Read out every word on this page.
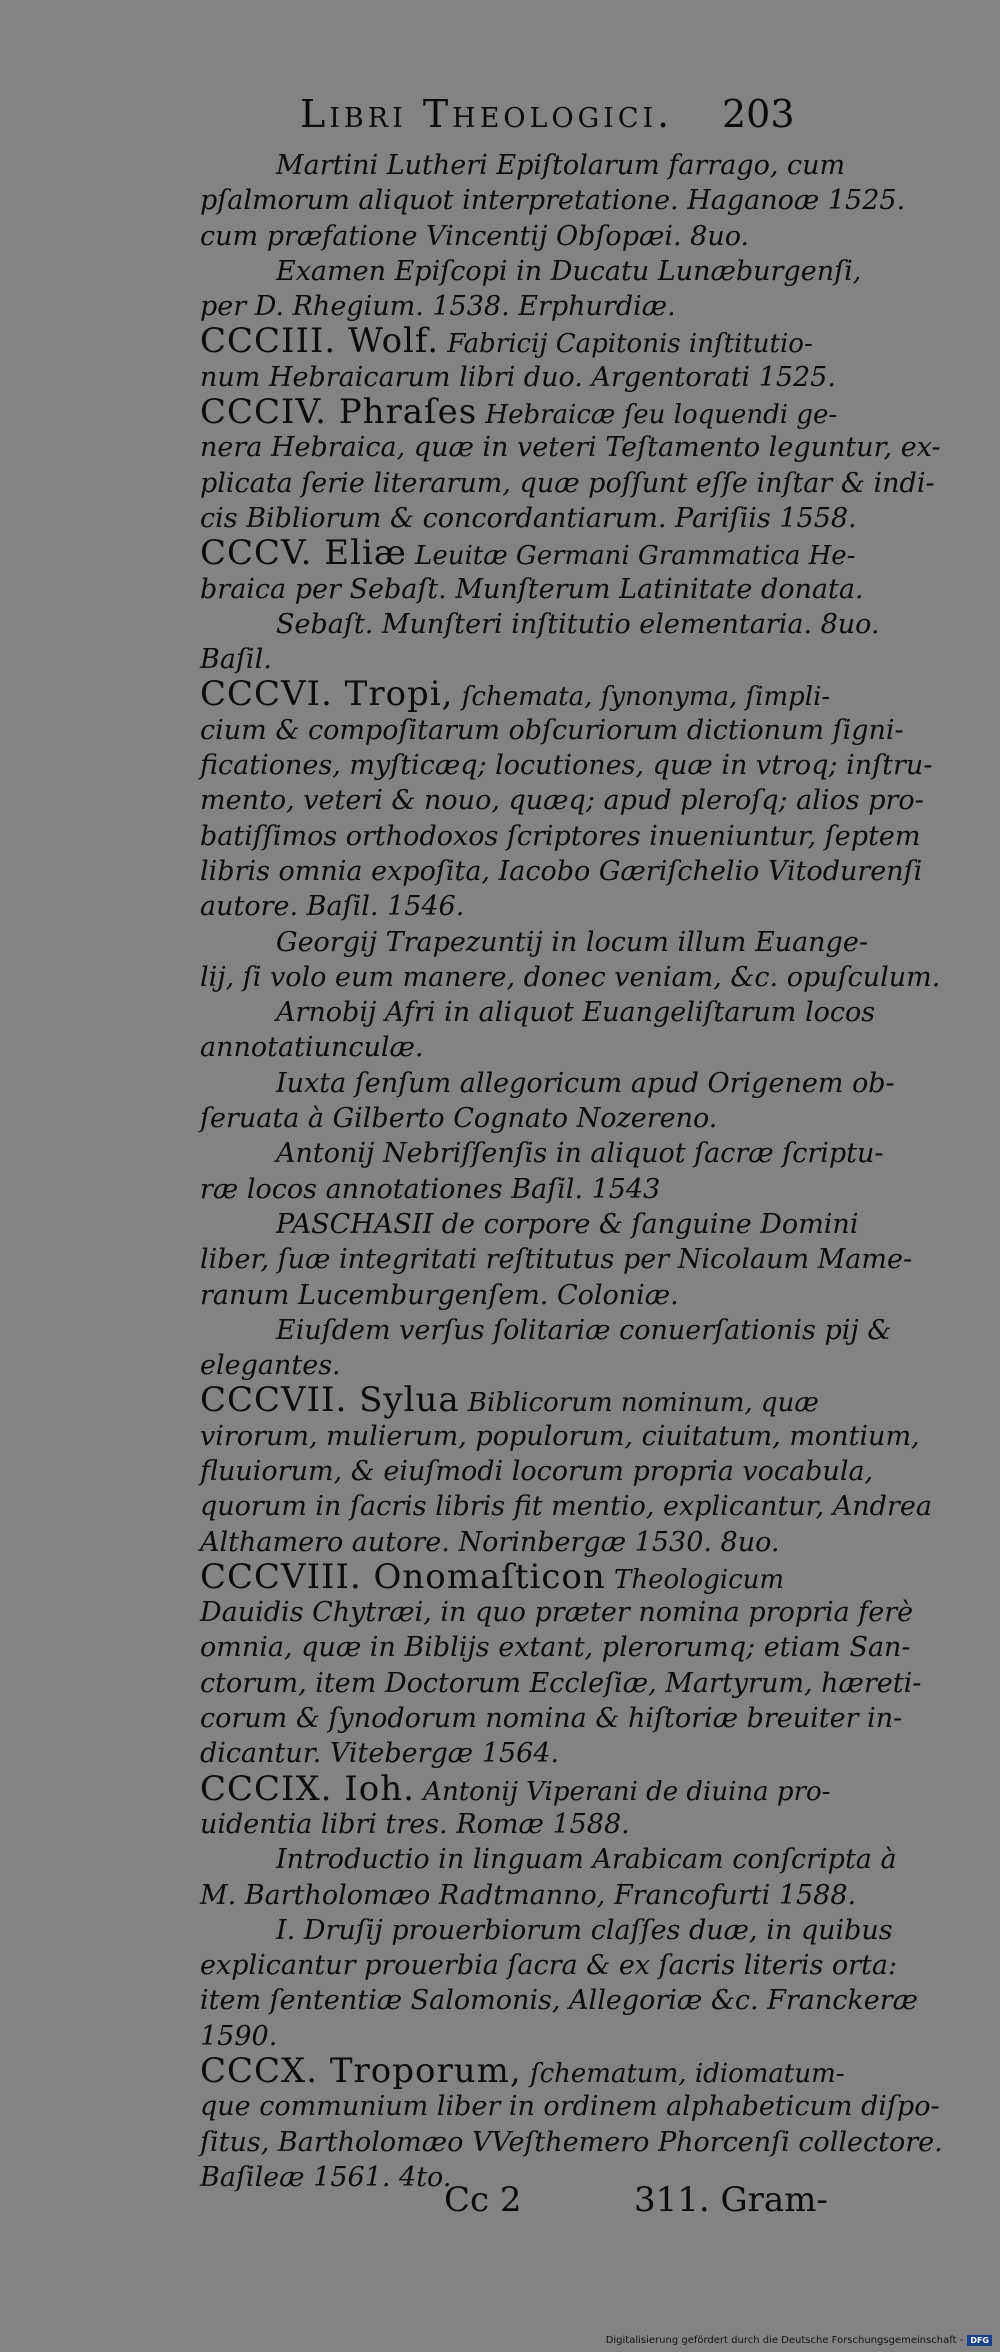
Libri Theologici. 203
Martini Lutheri Epiſtolarum farrago, cum
pſalmorum aliquot interpretatione. Haganoæ 1525.
cum præfatione Vincentij Obſopæi. 8uo.
Examen Epiſcopi in Ducatu Lunæburgenſi,
per D. Rhegium. 1538. Erphurdiæ.
CCCIII. Wolf. Fabricij Capitonis inſtitutio-
num Hebraicarum libri duo. Argentorati 1525.
CCCIV. Phraſes Hebraicæ ſeu loquendi ge-
nera Hebraica, quæ in veteri Teſtamento leguntur, ex-
plicata ſerie literarum, quæ poſſunt eſſe inſtar & indi-
cis Bibliorum & concordantiarum. Pariſiis 1558.
CCCV. Eliæ Leuitæ Germani Grammatica He-
braica per Sebaſt. Munſterum Latinitate donata.
Sebaſt. Munſteri inſtitutio elementaria. 8uo.
Baſil.
CCCVI. Tropi, ſchemata, ſynonyma, ſimpli-
cium & compoſitarum obſcuriorum dictionum ſigni-
ficationes, myſticæq; locutiones, quæ in vtroq; inſtru-
mento, veteri & nouo, quæq; apud pleroſq; alios pro-
batiſſimos orthodoxos ſcriptores inueniuntur, ſeptem
libris omnia expoſita, Iacobo Gæriſchelio Vitodurenſi
autore. Baſil. 1546.
Georgij Trapezuntij in locum illum Euange-
lij, ſi volo eum manere, donec veniam, &c. opuſculum.
Arnobij Afri in aliquot Euangeliſtarum locos
annotatiunculæ.
Iuxta ſenſum allegoricum apud Origenem ob-
ſeruata à Gilberto Cognato Nozereno.
Antonij Nebriſſenſis in aliquot ſacræ ſcriptu-
ræ locos annotationes Baſil. 1543
PASCHASII de corpore & ſanguine Domini
liber, ſuæ integritati reſtitutus per Nicolaum Mame-
ranum Lucemburgenſem. Coloniæ.
Eiuſdem verſus ſolitariæ conuerſationis pij &
elegantes.
CCCVII. Sylua Biblicorum nominum, quæ
virorum, mulierum, populorum, ciuitatum, montium,
fluuiorum, & eiuſmodi locorum propria vocabula,
quorum in ſacris libris fit mentio, explicantur, Andrea
Althamero autore. Norinbergæ 1530. 8uo.
CCCVIII. Onomaſticon Theologicum
Dauidis Chytræi, in quo præter nomina propria ferè
omnia, quæ in Biblijs extant, plerorumq; etiam San-
ctorum, item Doctorum Eccleſiæ, Martyrum, hæreti-
corum & ſynodorum nomina & hiſtoriæ breuiter in-
dicantur. Vitebergæ 1564.
CCCIX. Ioh. Antonij Viperani de diuina pro-
uidentia libri tres. Romæ 1588.
Introductio in linguam Arabicam conſcripta à
M. Bartholomæo Radtmanno, Francofurti 1588.
I. Druſij prouerbiorum claſſes duæ, in quibus
explicantur prouerbia ſacra & ex ſacris literis orta:
item ſententiæ Salomonis, Allegoriæ &c. Franckeræ
1590.
CCCX. Troporum, ſchematum, idiomatum-
que communium liber in ordinem alphabeticum diſpo-
ſitus, Bartholomæo VVeſthemero Phorcenſi collectore.
Baſileæ 1561. 4to.
Cc 2	311. Gram-
Digitalisierung gefördert durch die Deutsche Forschungsgemeinschaft - DFG
